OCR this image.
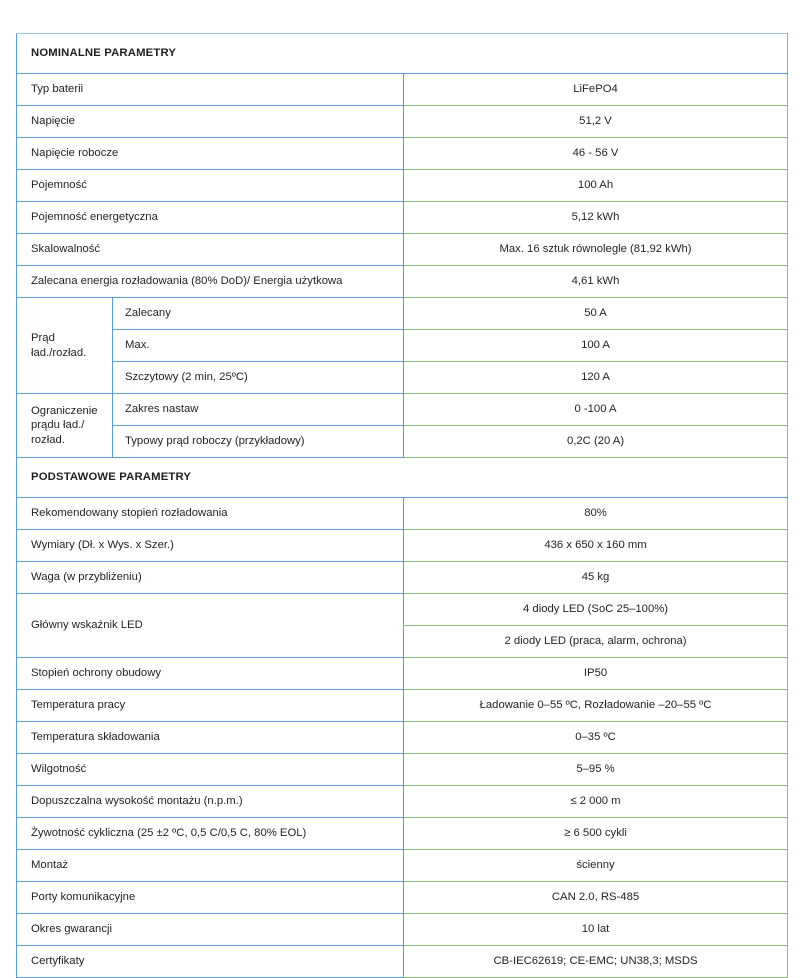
NOMINALNE PARAMETRY		
Typ baterii		LiFePO4
Napięcie		51,2 V
Napięcie robocze		46 - 56 V
Pojemność		100 Ah
Pojemność energetyczna		5,12 kWh
Skalowalność		Max. 16 sztuk równolegle (81,92 kWh)
Zalecana energia rozładowania (80% DoD)/ Energia użytkowa		4,61 kWh
Prąd
ład./rozład.	Zalecany	50 A
	Max.	100 A
	Szczytowy (2 min, 25ºC)	120 A
Ograniczenie
prądu ład./
rozład.	Zakres nastaw	0 -100 A
	Typowy prąd roboczy (przykładowy)	0,2C (20 A)
PODSTAWOWE PARAMETRY		
Rekomendowany stopień rozładowania		80%
Wymiary (Dł. x Wys. x Szer.)		436 x 650 x 160 mm
Waga (w przybliżeniu)		45 kg
Główny wskaźnik LED		4 diody LED (SoC 25–100%)
		2 diody LED (praca, alarm, ochrona)
Stopień ochrony obudowy		IP50
Temperatura pracy		Ładowanie 0–55 ºC, Rozładowanie –20–55 ºC
Temperatura składowania		0–35 ºC
Wilgotność		5–95 %
Dopuszczalna wysokość montażu (n.p.m.)		≤ 2 000 m
Żywotność cykliczna (25 ±2 ºC, 0,5 C/0,5 C, 80% EOL)		≥ 6 500 cykli
Montaż		ścienny
Porty komunikacyjne		CAN 2.0, RS-485
Okres gwarancji		10 lat
Certyfikaty		CB-IEC62619; CE-EMC; UN38,3; MSDS
